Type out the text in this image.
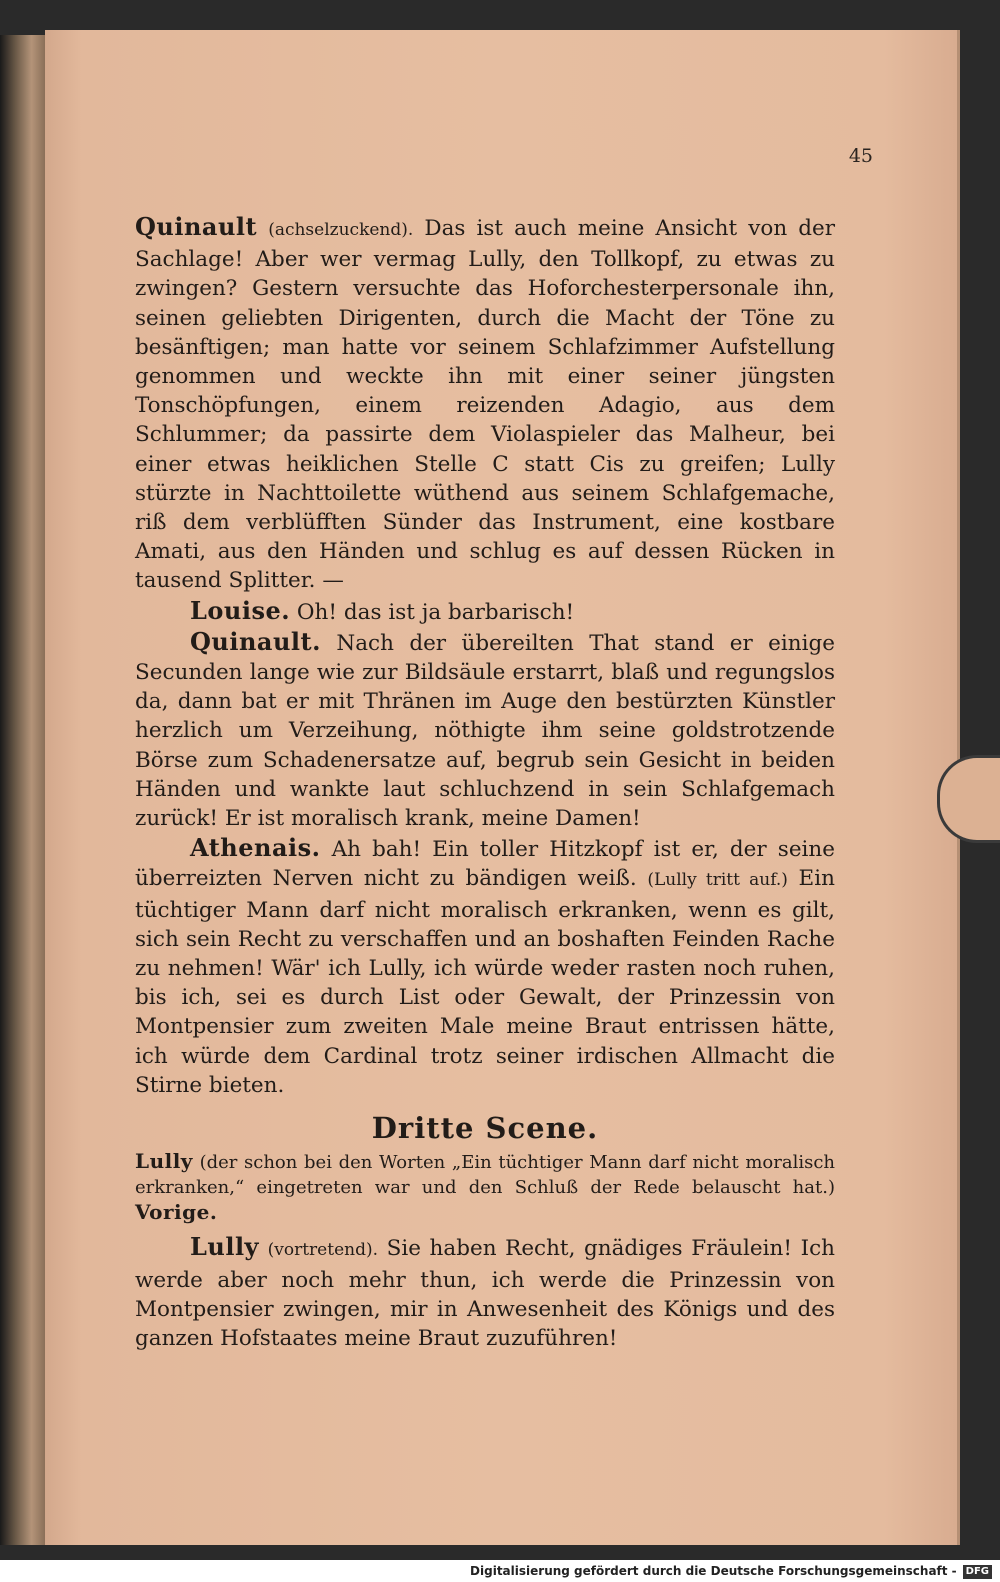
45

Quinault (achselzuckend). Das ist auch meine Ansicht von der Sachlage! Aber wer vermag Lully, den Tollkopf, zu etwas zu zwingen? Gestern versuchte das Hoforchesterpersonale ihn, seinen geliebten Dirigenten, durch die Macht der Töne zu besänftigen; man hatte vor seinem Schlafzimmer Aufstellung genommen und weckte ihn mit einer seiner jüngsten Tonschöpfungen, einem reizenden Adagio, aus dem Schlummer; da passirte dem Violaspieler das Malheur, bei einer etwas heiklichen Stelle C statt Cis zu greifen; Lully stürzte in Nachttoilette wüthend aus seinem Schlafgemache, riß dem verblüfften Sünder das Instrument, eine kostbare Amati, aus den Händen und schlug es auf dessen Rücken in tausend Splitter. —

Louise. Oh! das ist ja barbarisch!

Quinault. Nach der übereilten That stand er einige Secunden lange wie zur Bildsäule erstarrt, blaß und regungslos da, dann bat er mit Thränen im Auge den bestürzten Künstler herzlich um Verzeihung, nöthigte ihm seine goldstrotzende Börse zum Schadenersatze auf, begrub sein Gesicht in beiden Händen und wankte laut schluchzend in sein Schlafgemach zurück! Er ist moralisch krank, meine Damen!

Athenais. Ah bah! Ein toller Hitzkopf ist er, der seine überreizten Nerven nicht zu bändigen weiß. (Lully tritt auf.) Ein tüchtiger Mann darf nicht moralisch erkranken, wenn es gilt, sich sein Recht zu verschaffen und an boshaften Feinden Rache zu nehmen! Wär' ich Lully, ich würde weder rasten noch ruhen, bis ich, sei es durch List oder Gewalt, der Prinzessin von Montpensier zum zweiten Male meine Braut entrissen hätte, ich würde dem Cardinal trotz seiner irdischen Allmacht die Stirne bieten.

Dritte Scene.
Lully (der schon bei den Worten „Ein tüchtiger Mann darf nicht moralisch erkranken,“ eingetreten war und den Schluß der Rede belauscht hat.) Vorige.

Lully (vortretend). Sie haben Recht, gnädiges Fräulein! Ich werde aber noch mehr thun, ich werde die Prinzessin von Montpensier zwingen, mir in Anwesenheit des Königs und des ganzen Hofstaates meine Braut zuzuführen!

Digitalisierung gefördert durch die Deutsche Forschungsgemeinschaft - DFG
